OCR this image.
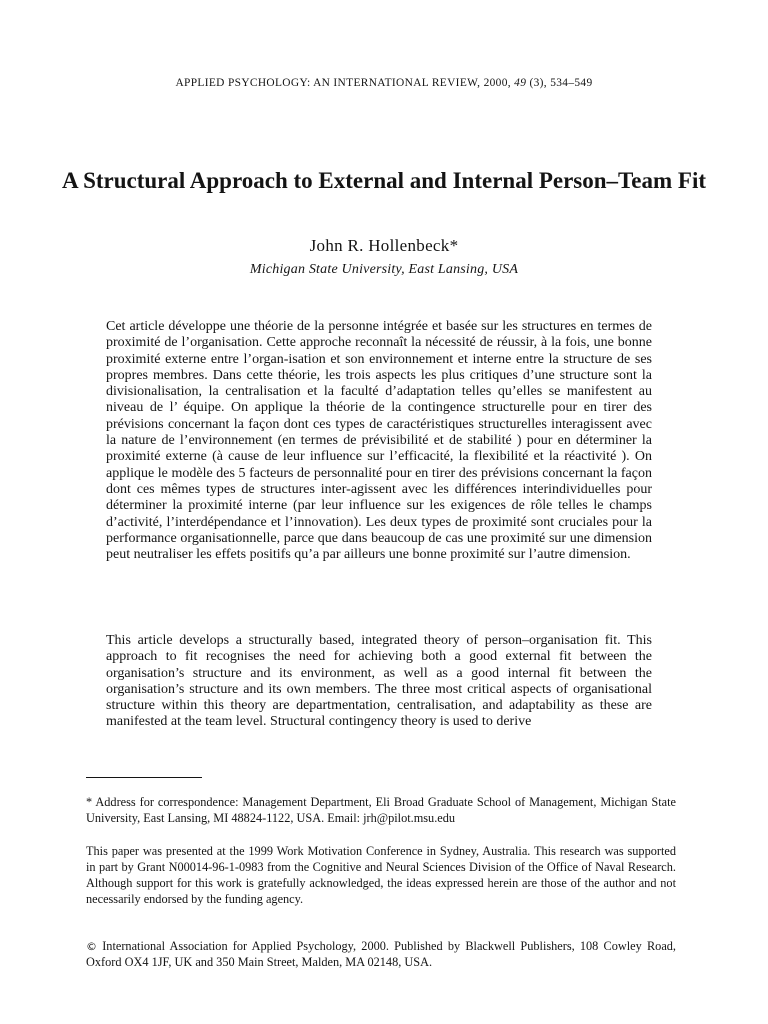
APPLIED PSYCHOLOGY: AN INTERNATIONAL REVIEW, 2000, 49 (3), 534–549
A Structural Approach to External and Internal Person–Team Fit
John R. Hollenbeck*
Michigan State University, East Lansing, USA

Cet article développe une théorie de la personne intégrée et basée sur les structures en termes de proximité de l’organisation. Cette approche reconnaît la nécessité de réussir, à la fois, une bonne proximité externe entre l’organ-isation et son environnement et interne entre la structure de ses propres membres. Dans cette théorie, les trois aspects les plus critiques d’une structure sont la divisionalisation, la centralisation et la faculté d’adaptation telles qu’elles se manifestent au niveau de l’ équipe. On applique la théorie de la contingence structurelle pour en tirer des prévisions concernant la façon dont ces types de caractéristiques structurelles interagissent avec la nature de l’environnement (en termes de prévisibilité et de stabilité ) pour en déterminer la proximité externe (à cause de leur influence sur l’efficacité, la flexibilité et la réactivité ). On applique le modèle des 5 facteurs de personnalité pour en tirer des prévisions concernant la façon dont ces mêmes types de structures inter-agissent avec les différences interindividuelles pour déterminer la proximité interne (par leur influence sur les exigences de rôle telles le champs d’activité, l’interdépendance et l’innovation). Les deux types de proximité sont cruciales pour la performance organisationnelle, parce que dans beaucoup de cas une proximité sur une dimension peut neutraliser les effets positifs qu’a par ailleurs une bonne proximité sur l’autre dimension.

This article develops a structurally based, integrated theory of person–organisation fit. This approach to fit recognises the need for achieving both a good external fit between the organisation’s structure and its environment, as well as a good internal fit between the organisation’s structure and its own members. The three most critical aspects of organisational structure within this theory are departmentation, centralisation, and adaptability as these are manifested at the team level. Structural contingency theory is used to derive

* Address for correspondence: Management Department, Eli Broad Graduate School of Management, Michigan State University, East Lansing, MI 48824-1122, USA. Email: jrh@pilot.msu.edu

This paper was presented at the 1999 Work Motivation Conference in Sydney, Australia. This research was supported in part by Grant N00014-96-1-0983 from the Cognitive and Neural Sciences Division of the Office of Naval Research. Although support for this work is gratefully acknowledged, the ideas expressed herein are those of the author and not necessarily endorsed by the funding agency.

© International Association for Applied Psychology, 2000. Published by Blackwell Publishers, 108 Cowley Road, Oxford OX4 1JF, UK and 350 Main Street, Malden, MA 02148, USA.
